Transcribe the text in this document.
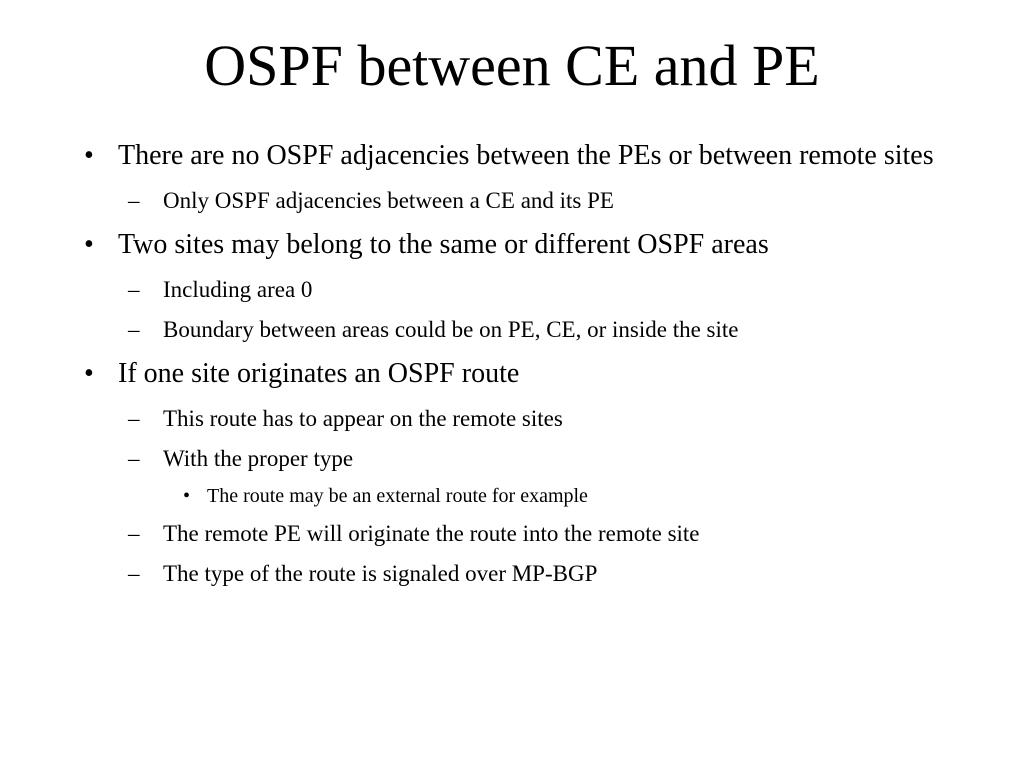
OSPF between CE and PE
• There are no OSPF adjacencies between the PEs or between remote sites
– Only OSPF adjacencies between a CE and its PE
• Two sites may belong to the same or different OSPF areas
– Including area 0
– Boundary between areas could be on PE, CE, or inside the site
• If one site originates an OSPF route
– This route has to appear on the remote sites
– With the proper type
• The route may be an external route for example
– The remote PE will originate the route into the remote site
– The type of the route is signaled over MP-BGP
